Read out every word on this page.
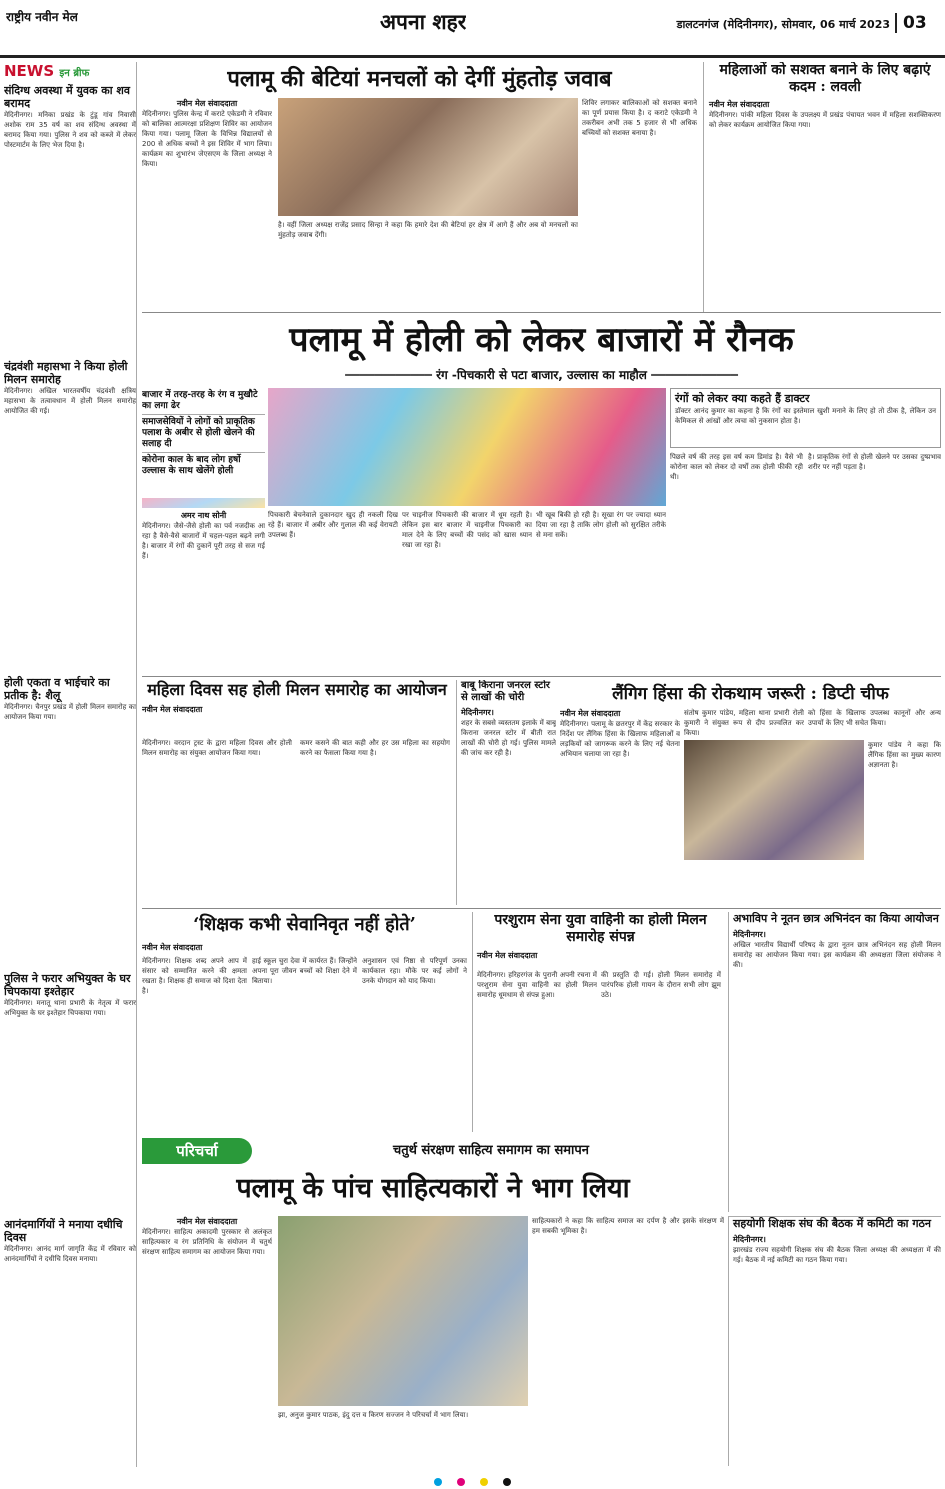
राष्ट्रीय नवीन मेल	अपना शहर	डालटनगंज (मेदिनीनगर), सोमवार, 06 मार्च 2023 03
NEWS इन ब्रीफ
संदिग्ध अवस्था में युवक का शव बरामद
मेदिनीनगर। मनिका प्रखंड के टुंडू गांव निवासी अशोक राम 35 वर्ष का शव संदिग्ध अवस्था में बरामद किया गया। पुलिस ने शव को कब्जे में लेकर पोस्टमार्टम के लिए भेज दिया है।
चंद्रवंशी महासभा ने किया होली मिलन समारोह
मेदिनीनगर। अखिल भारतवर्षीय चंद्रवंशी क्षत्रिय महासभा के तत्वावधान में होली मिलन समारोह आयोजित की गई।
होली एकता व भाईचारे का प्रतीक है: शैलू
मेदिनीनगर। चैनपुर प्रखंड में होली मिलन समारोह का आयोजन किया गया।
पुलिस ने फरार अभियुक्त के घर चिपकाया इश्तेहार
मेदिनीनगर। मनातू थाना प्रभारी के नेतृत्व में फरार अभियुक्त के घर इश्तेहार चिपकाया गया।
आनंदमार्गियों ने मनाया दधीचि दिवस
मेदिनीनगर। आनंद मार्ग जागृति केंद्र में रविवार को आनंदमार्गियों ने दधीचि दिवस मनाया।
पलामू की बेटियां मनचलों को देगीं मुंहतोड़ जवाब
नवीन मेल संवाददाता
मेदिनीनगर। पुलिस केन्द्र में कराटे एकेडमी ने रविवार को बालिका आत्मरक्षा प्रशिक्षण शिविर का आयोजन किया गया। पलामू जिला के विभिन्न विद्यालयों से 200 से अधिक बच्चों ने इस शिविर में भाग लिया। कार्यक्रम का शुभारंभ जेएसएम के जिला अध्यक्ष ने किया।
है। वहीं जिला अध्यक्ष राजेंद्र प्रसाद सिन्हा ने कहा कि हमारे देश की बेटियां हर क्षेत्र में आगे हैं और अब वो मनचलों का मुंहतोड़ जवाब देंगी।
शिविर लगाकर बालिकाओं को सशक्त बनाने का पूर्ण प्रयास किया है। द कराटे एकेडमी ने तकरीबन अभी तक 5 हजार से भी अधिक बच्चियों को सशक्त बनाया है।
महिलाओं को सशक्त बनाने के लिए बढ़ाएं कदम : लवली
नवीन मेल संवाददाता
मेदिनीनगर। पांकी महिला दिवस के उपलक्ष्य में प्रखंड पंचायत भवन में महिला सशक्तिकरण को लेकर कार्यक्रम आयोजित किया गया।
पलामू में होली को लेकर बाजारों में रौनक
━━━━━━━━━━━━ रंग -पिचकारी से पटा बाजार, उल्लास का माहौल ━━━━━━━━━━━━
बाजार में तरह-तरह के रंग व मुखौटे का लगा ढेर
समाजसेवियों ने लोगों को प्राकृतिक पलाश के अबीर से होली खेलने की सलाह दी
कोरोना काल के बाद लोग हर्षो उल्लास के साथ खेलेंगे होली
रंगों को लेकर क्या कहते हैं डाक्टर
डॉक्टर आनंद कुमार का कहना है कि रंगों का इस्तेमाल खुशी मनाने के लिए हो तो ठीक है, लेकिन उन केमिकल से आंखों और त्वचा को नुकसान होता है।
अमर नाथ सोनी
मेदिनीनगर। जैसे-जैसे होली का पर्व नजदीक आ रहा है वैसे-वैसे बाजारों में चहल-पहल बढ़ने लगी है। बाजार में रंगों की दुकानें पूरी तरह से सज गई हैं।
पिचकारी बेचनेवाले दुकानदार खुद ही नकली दिख रहे हैं। बाजार में अबीर और गुलाल की कई वेरायटी उपलब्ध हैं।
पर चाइनीज पिचकारी की बाजार में धूम रहती है। लेकिन इस बार बाजार में चाइनीज पिचकारी का माल देने के लिए बच्चों की पसंद को खास ध्यान रखा जा रहा है।
भी खूब बिकी हो रही है। सूखा रंग पर ज्यादा ध्यान दिया जा रहा है ताकि लोग होली को सुरक्षित तरीके से मना सकें।
पिछले वर्ष की तरह इस वर्ष कम डिमांड है। वैसे भी कोरोना काल को लेकर दो वर्षों तक होली फीकी रही थी।
है। प्राकृतिक रंगों से होली खेलने पर उसका दुष्प्रभाव शरीर पर नहीं पड़ता है।
महिला दिवस सह होली मिलन समारोह का आयोजन
नवीन मेल संवाददाता
मेदिनीनगर। वरदान ट्रस्ट के द्वारा महिला दिवस और होली मिलन समारोह का संयुक्त आयोजन किया गया।
कमर कसने की बात कही और हर उस महिला का सहयोग करने का फैसला किया गया है।
बाबू किराना जनरल स्टोर से लाखों की चोरी
मेदिनीनगर।
शहर के सबसे व्यस्ततम इलाके में बाबू किराना जनरल स्टोर में बीती रात लाखों की चोरी हो गई। पुलिस मामले की जांच कर रही है।
लैंगिग हिंसा की रोकथाम जरूरी : डिप्टी चीफ
नवीन मेल संवाददाता
मेदिनीनगर। पलामू के छतरपुर में केंद्र सरकार के निर्देश पर लैंगिक हिंसा के खिलाफ महिलाओं व लड़कियों को जागरूक करने के लिए नई चेतना अभियान चलाया जा रहा है।
संतोष कुमार पांडेय, महिला थाना प्रभारी रोली कुमारी ने संयुक्त रूप से दीप प्रज्वलित कर किया।
को हिंसा के खिलाफ उपलब्ध कानूनों और अन्य उपायों के लिए भी सचेत किया।
कुमार पांडेय ने कहा कि लैंगिक हिंसा का मुख्य कारण अज्ञानता है।
‘शिक्षक कभी सेवानिवृत नहीं होते’
नवीन मेल संवाददाता
मेदिनीनगर। शिक्षक शब्द अपने आप में संसार को सम्मानित करने की क्षमता रखता है। शिक्षक ही समाज को दिशा देता है।
हाई स्कूल चुरा देवा में कार्यरत हैं। जिन्होंने अपना पूरा जीवन बच्चों को शिक्षा देने में बिताया।
अनुशासन एवं निष्ठा से परिपूर्ण उनका कार्यकाल रहा। मौके पर कई लोगों ने उनके योगदान को याद किया।
परशुराम सेना युवा वाहिनी का होली मिलन समारोह संपन्न
नवीन मेल संवाददाता
मेदिनीनगर। हरिहरगंज के पुरानी अपनी रचना में परशुराम सेना युवा वाहिनी का होली मिलन समारोह धूमधाम से संपन्न हुआ।
की प्रस्तुति दी गई। होली मिलन समारोह में पारंपरिक होली गायन के दौरान सभी लोग झूम उठे।
अभाविप ने नूतन छात्र अभिनंदन का किया आयोजन
मेदिनीनगर।
अखिल भारतीय विद्यार्थी परिषद के द्वारा नूतन छात्र अभिनंदन सह होली मिलन समारोह का आयोजन किया गया। इस कार्यक्रम की अध्यक्षता जिला संयोजक ने की।
सहयोगी शिक्षक संघ की बैठक में कमिटी का गठन
मेदिनीनगर।
झारखंड राज्य सहयोगी शिक्षक संघ की बैठक जिला अध्यक्ष की अध्यक्षता में की गई। बैठक में नई कमिटी का गठन किया गया।
परिचर्चा	चतुर्थ संरक्षण साहित्य समागम का समापन
पलामू के पांच साहित्यकारों ने भाग लिया
नवीन मेल संवाददाता
मेदिनीनगर। साहित्य अकादमी पुरस्कार से अलंकृत साहित्यकार व रंग प्रतिनिधि के संयोजन में चतुर्थ संरक्षण साहित्य समागम का आयोजन किया गया।
झा, अनुज कुमार पाठक, इंदु दत्त व किरण सज्जन ने परिचर्चा में भाग लिया।
साहित्यकारों ने कहा कि साहित्य समाज का दर्पण है और इसके संरक्षण में हम सबकी भूमिका है।
